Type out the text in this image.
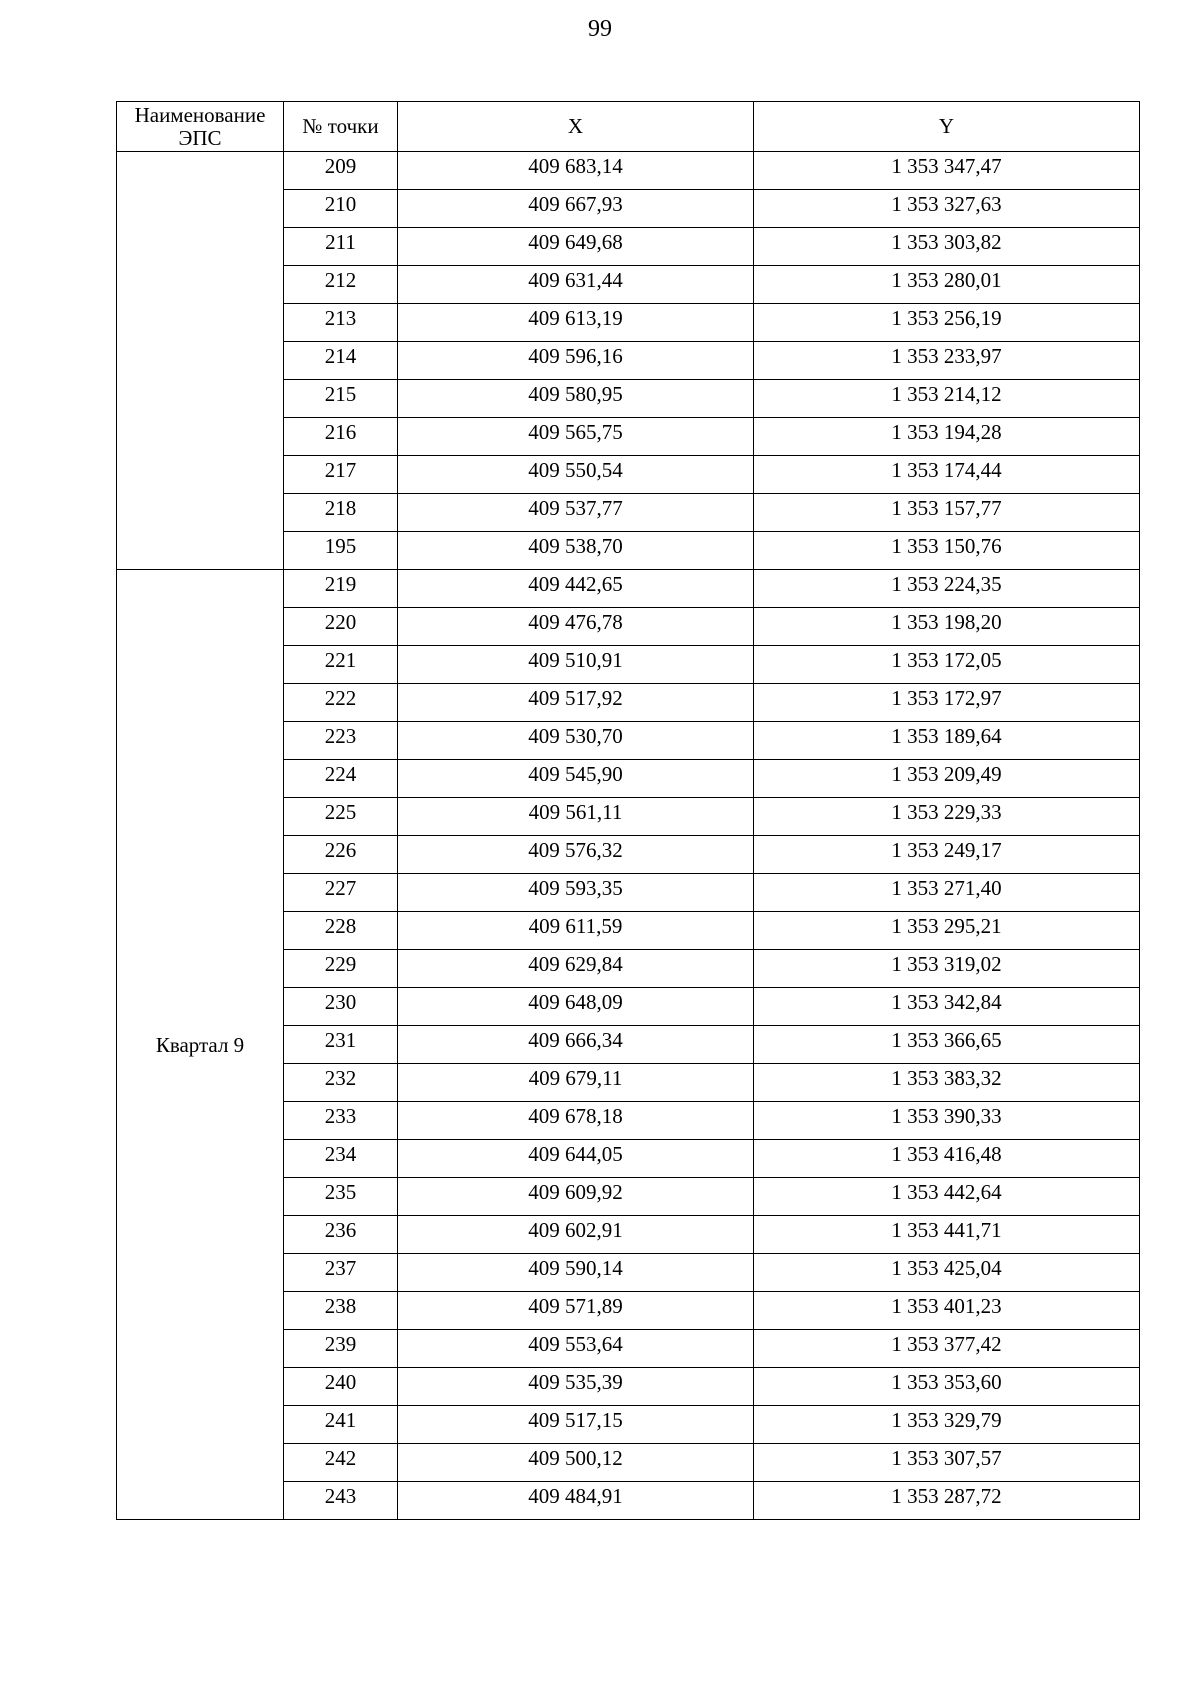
99
Наименование ЭПС	№ точки	X	Y
	209	409 683,14	1 353 347,47
	210	409 667,93	1 353 327,63
	211	409 649,68	1 353 303,82
	212	409 631,44	1 353 280,01
	213	409 613,19	1 353 256,19
	214	409 596,16	1 353 233,97
	215	409 580,95	1 353 214,12
	216	409 565,75	1 353 194,28
	217	409 550,54	1 353 174,44
	218	409 537,77	1 353 157,77
	195	409 538,70	1 353 150,76
Квартал 9	219	409 442,65	1 353 224,35
	220	409 476,78	1 353 198,20
	221	409 510,91	1 353 172,05
	222	409 517,92	1 353 172,97
	223	409 530,70	1 353 189,64
	224	409 545,90	1 353 209,49
	225	409 561,11	1 353 229,33
	226	409 576,32	1 353 249,17
	227	409 593,35	1 353 271,40
	228	409 611,59	1 353 295,21
	229	409 629,84	1 353 319,02
	230	409 648,09	1 353 342,84
	231	409 666,34	1 353 366,65
	232	409 679,11	1 353 383,32
	233	409 678,18	1 353 390,33
	234	409 644,05	1 353 416,48
	235	409 609,92	1 353 442,64
	236	409 602,91	1 353 441,71
	237	409 590,14	1 353 425,04
	238	409 571,89	1 353 401,23
	239	409 553,64	1 353 377,42
	240	409 535,39	1 353 353,60
	241	409 517,15	1 353 329,79
	242	409 500,12	1 353 307,57
	243	409 484,91	1 353 287,72
